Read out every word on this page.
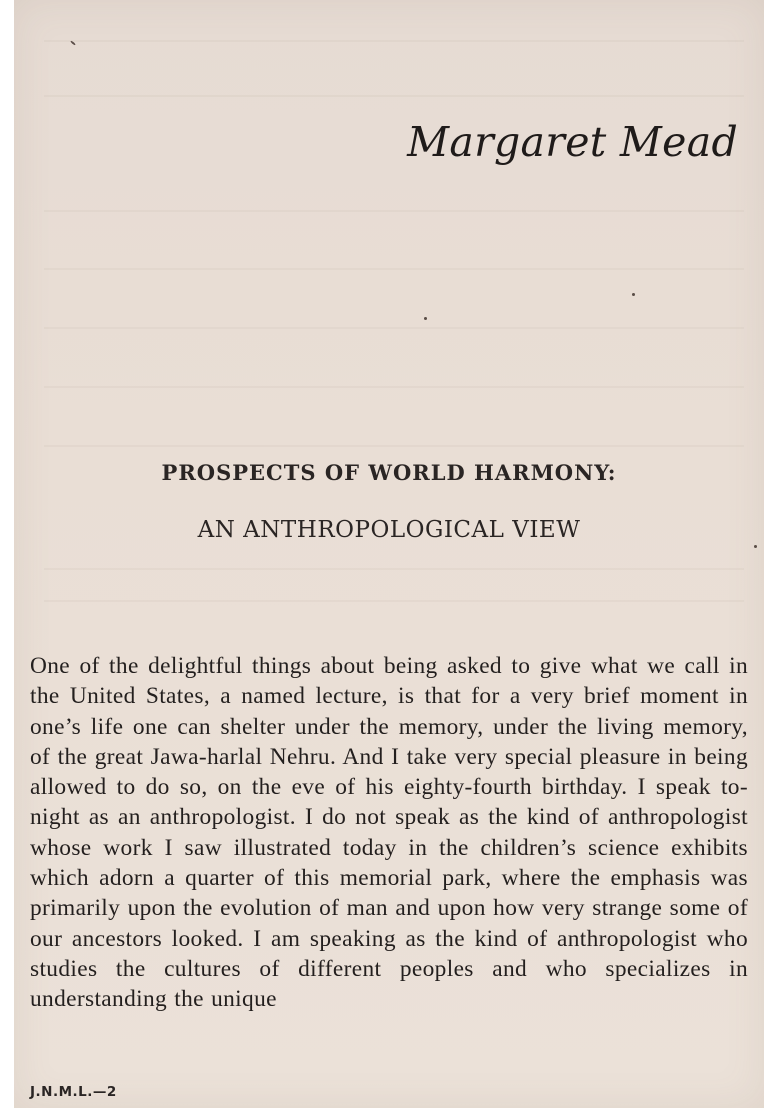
Margaret Mead
PROSPECTS OF WORLD HARMONY:
AN ANTHROPOLOGICAL VIEW

One of the delightful things about being asked to give what we call in the United States, a named lecture, is that for a very brief moment in one’s life one can shelter under the memory, under the living memory, of the great Jawa-harlal Nehru. And I take very special pleasure in being allowed to do so, on the eve of his eighty-fourth birthday. I speak to-night as an anthropologist. I do not speak as the kind of anthropologist whose work I saw illustrated today in the children’s science exhibits which adorn a quarter of this memorial park, where the emphasis was primarily upon the evolution of man and upon how very strange some of our ancestors looked. I am speaking as the kind of anthropologist who studies the cultures of different peoples and who specializes in understanding the unique

J.N.M.L.—2
